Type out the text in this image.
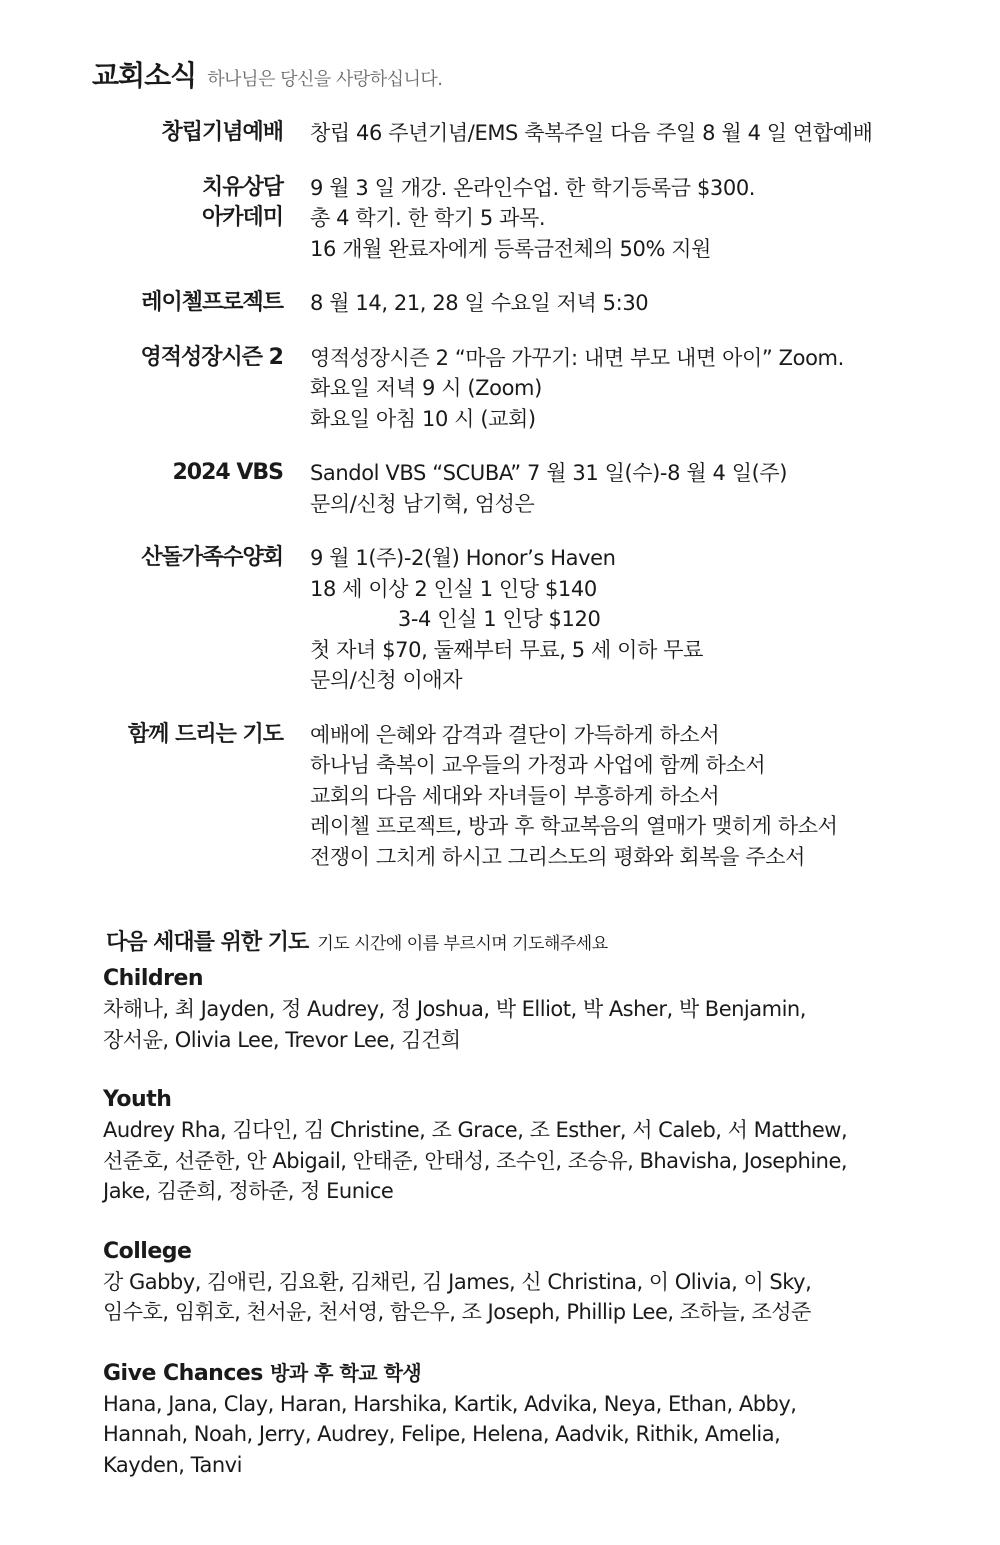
교회소식 하나님은 당신을 사랑하십니다.
창립기념예배 창립 46 주년기념/EMS 축복주일 다음 주일 8 월 4 일 연합예배
치유상담
아카데미
9 월 3 일 개강. 온라인수업. 한 학기등록금 $300.
총 4 학기. 한 학기 5 과목.
16 개월 완료자에게 등록금전체의 50% 지원
레이첼프로젝트 8 월 14, 21, 28 일 수요일 저녁 5:30
영적성장시즌 2 영적성장시즌 2 “마음 가꾸기: 내면 부모 내면 아이” Zoom.
화요일 저녁 9 시 (Zoom)
화요일 아침 10 시 (교회)
2024 VBS Sandol VBS “SCUBA” 7 월 31 일(수)-8 월 4 일(주)
문의/신청 남기혁, 엄성은
산돌가족수양회 9 월 1(주)-2(월) Honor’s Haven
18 세 이상 2 인실 1 인당 $140
3-4 인실 1 인당 $120
첫 자녀 $70, 둘째부터 무료, 5 세 이하 무료
문의/신청 이애자
함께 드리는 기도 예배에 은혜와 감격과 결단이 가득하게 하소서
하나님 축복이 교우들의 가정과 사업에 함께 하소서
교회의 다음 세대와 자녀들이 부흥하게 하소서
레이첼 프로젝트, 방과 후 학교복음의 열매가 맺히게 하소서
전쟁이 그치게 하시고 그리스도의 평화와 회복을 주소서
다음 세대를 위한 기도 기도 시간에 이름 부르시며 기도해주세요
Children
차해나, 최 Jayden, 정 Audrey, 정 Joshua, 박 Elliot, 박 Asher, 박 Benjamin,
장서윤, Olivia Lee, Trevor Lee, 김건희
Youth
Audrey Rha, 김다인, 김 Christine, 조 Grace, 조 Esther, 서 Caleb, 서 Matthew,
선준호, 선준한, 안 Abigail, 안태준, 안태성, 조수인, 조승유, Bhavisha, Josephine,
Jake, 김준희, 정하준, 정 Eunice
College
강 Gabby, 김애린, 김요환, 김채린, 김 James, 신 Christina, 이 Olivia, 이 Sky,
임수호, 임휘호, 천서윤, 천서영, 함은우, 조 Joseph, Phillip Lee, 조하늘, 조성준
Give Chances 방과 후 학교 학생
Hana, Jana, Clay, Haran, Harshika, Kartik, Advika, Neya, Ethan, Abby,
Hannah, Noah, Jerry, Audrey, Felipe, Helena, Aadvik, Rithik, Amelia,
Kayden, Tanvi
